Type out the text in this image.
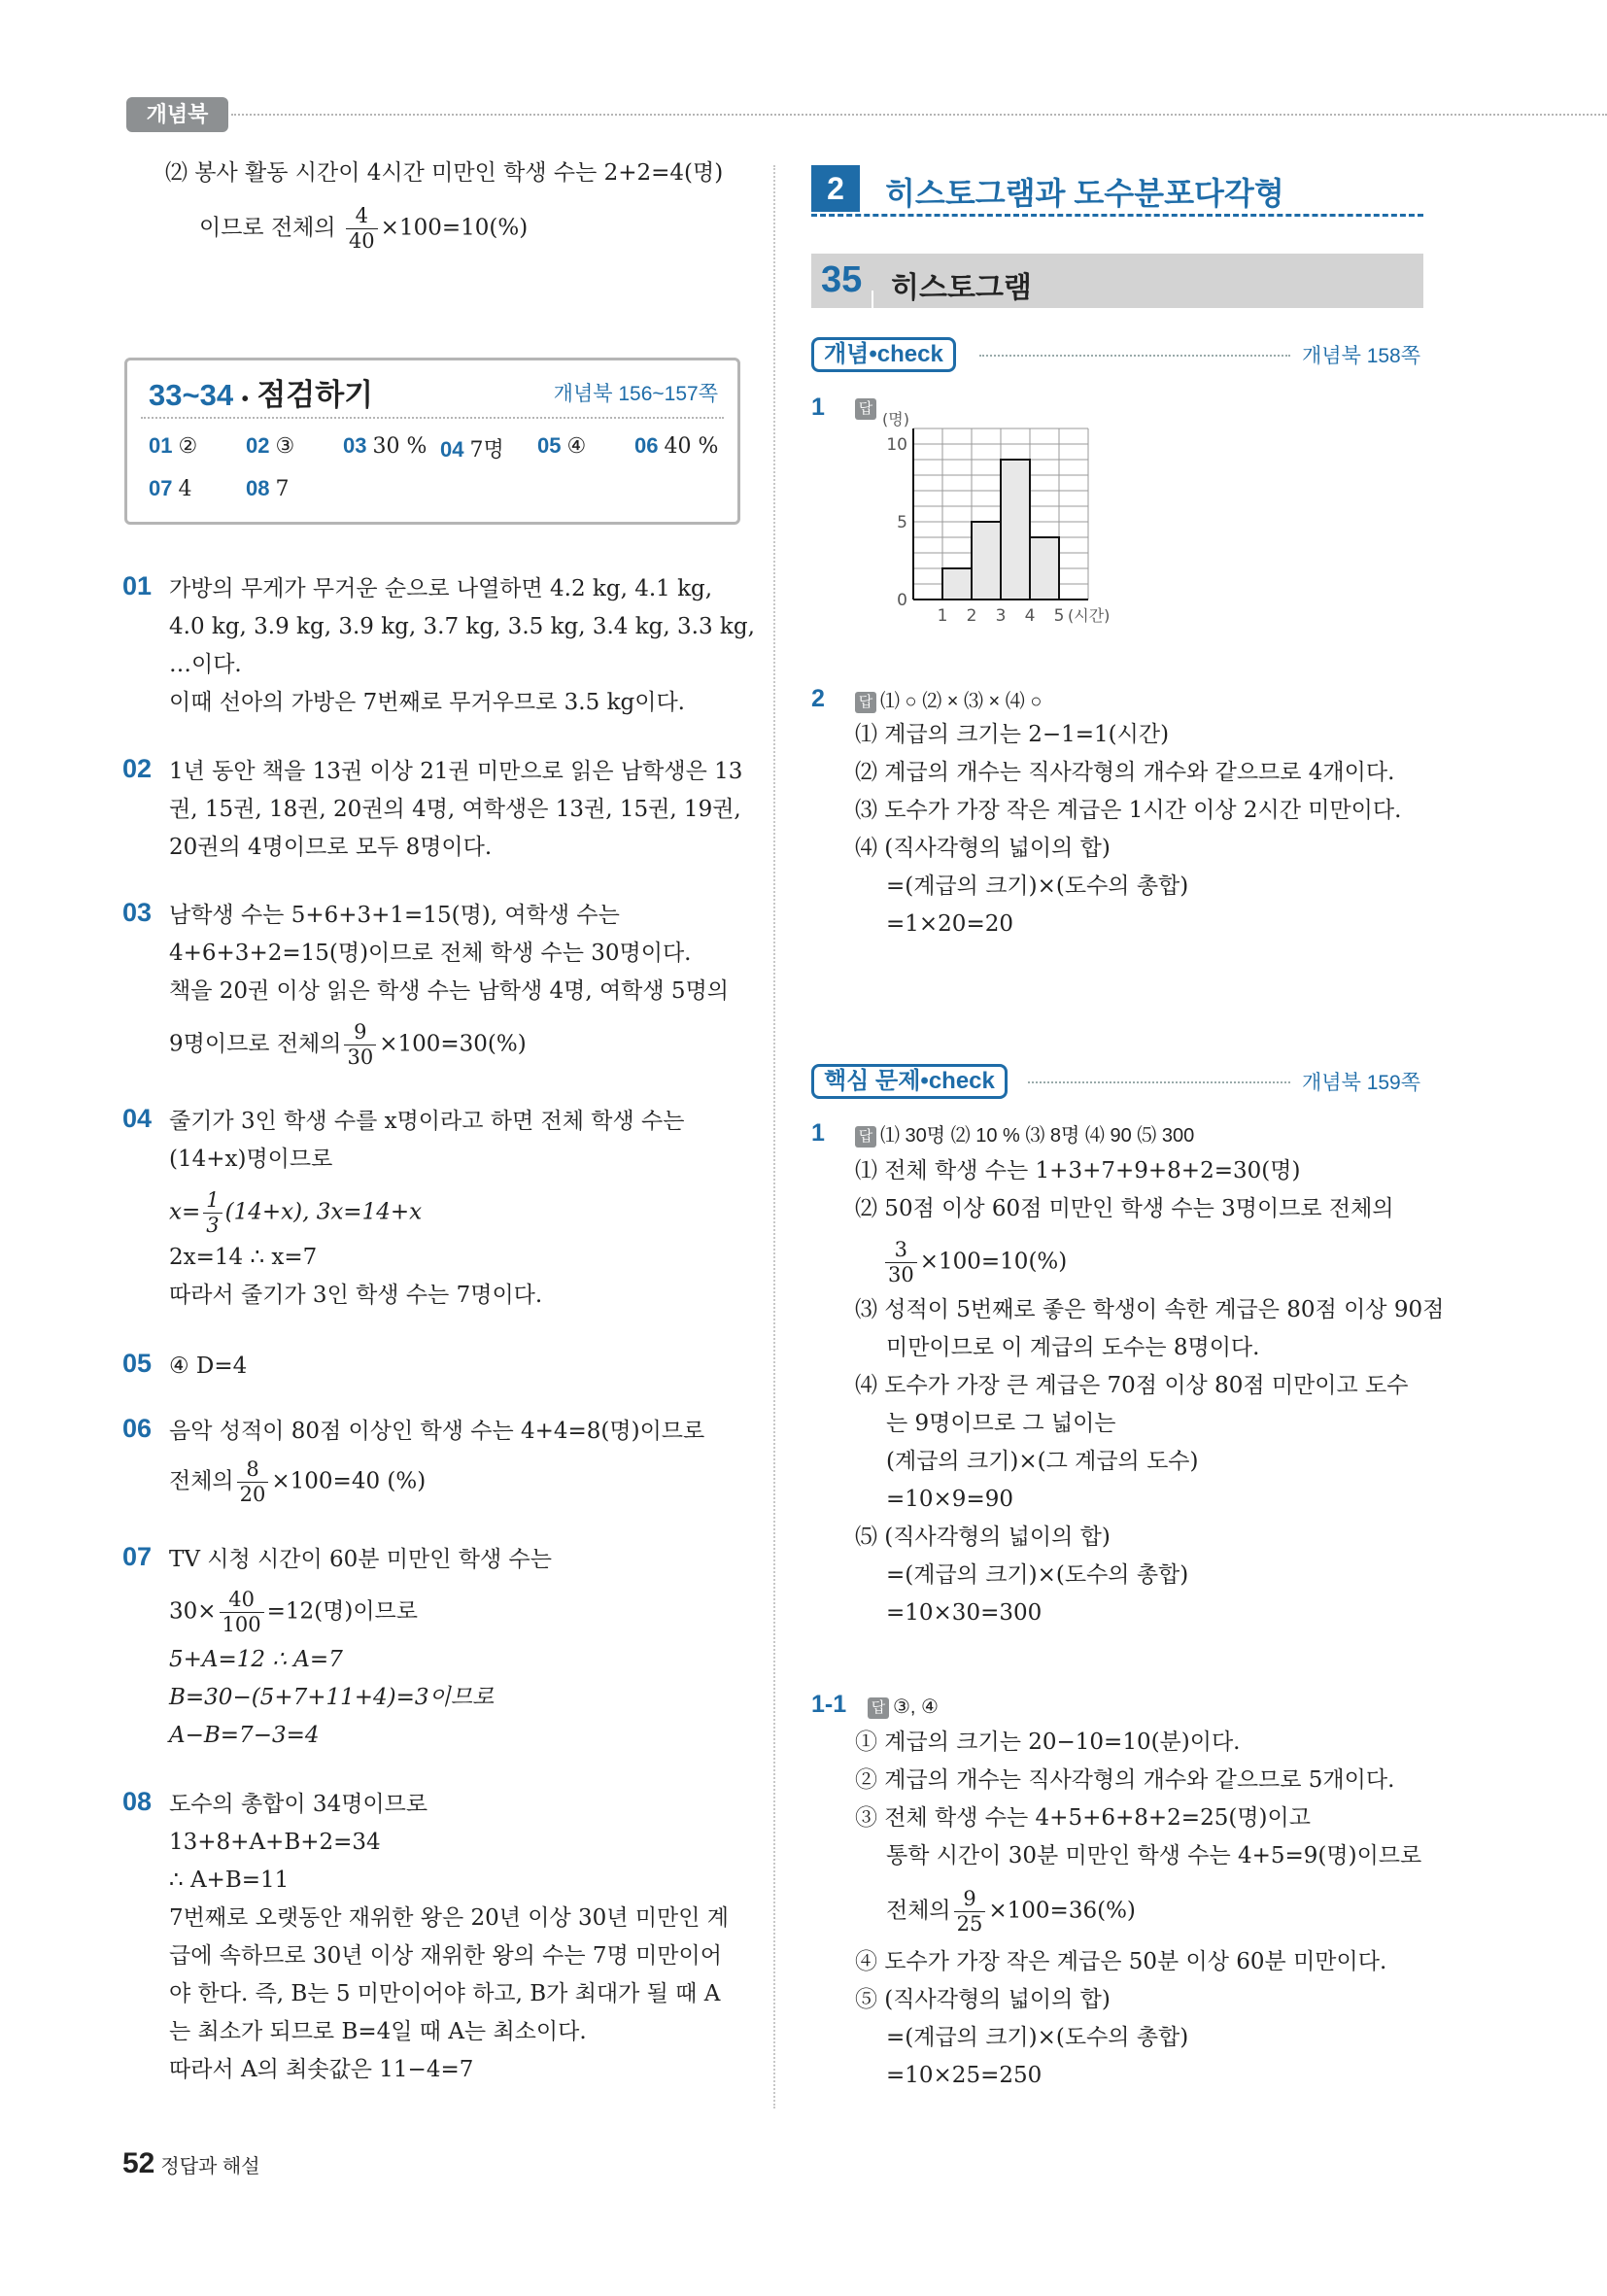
개념북
⑵ 봉사 활동 시간이 4시간 미만인 학생 수는 2+2=4(명)
이므로 전체의 $\frac{4}{40} \times 100=10(\%)$
33~34 • 점검하기	개념북 156~157쪽
01 ② 02 ③ 03 30 % 04 7명 05 ④ 06 40 %
07 4	08 7
01 가방의 무게가 무거운 순으로 나열하면 4.2 kg, 4.1 kg,
4.0 kg, 3.9 kg, 3.9 kg, 3.7 kg, 3.5 kg, 3.4 kg, 3.3 kg,
…이다.
이때 선아의 가방은 7번째로 무거우므로 3.5 kg이다.
02 1년 동안 책을 13권 이상 21권 미만으로 읽은 남학생은 13
권, 15권, 18권, 20권의 4명, 여학생은 13권, 15권, 19권,
20권의 4명이므로 모두 8명이다.
03 남학생 수는 5+6+3+1=15(명), 여학생 수는
4+6+3+2=15(명)이므로 전체 학생 수는 30명이다.
책을 20권 이상 읽은 학생 수는 남학생 4명, 여학생 5명의
9명이므로 전체의 $\frac{9}{30} \times 100=30(\%)$
04 줄기가 3인 학생 수를 x명이라고 하면 전체 학생 수는
(14+x)명이므로
$x= \frac{1}{3} (14+x)$, 3x=14+x
2x=14 ∴ x=7
따라서 줄기가 3인 학생 수는 7명이다.
05 ④ D=4
06 음악 성적이 80점 이상인 학생 수는 4+4=8(명)이므로
전체의 $\frac{8}{20} \times 100=40$ (%)
07 TV 시청 시간이 60분 미만인 학생 수는
$30\times \frac{40}{100} =12$(명)이므로
5+A=12 ∴ A=7
B=30−(5+7+11+4)=3이므로
A−B=7−3=4
08 도수의 총합이 34명이므로
13+8+A+B+2=34
∴ A+B=11
7번째로 오랫동안 재위한 왕은 20년 이상 30년 미만인 계
급에 속하므로 30년 이상 재위한 왕의 수는 7명 미만이어
야 한다. 즉, B는 5 미만이어야 하고, B가 최대가 될 때 A
는 최소가 되므로 B=4일 때 A는 최소이다.
따라서 A의 최솟값은 11−4=7
2	히스토그램과 도수분포다각형
35 히스토그램
개념•check	개념북 158쪽
1 답
0
5
10
1 2 3 4 5 (시간)
(명)
2 답 ⑴ ○ ⑵ × ⑶ × ⑷ ○
⑴ 계급의 크기는 2−1=1(시간)
⑵ 계급의 개수는 직사각형의 개수와 같으므로 4개이다.
⑶ 도수가 가장 작은 계급은 1시간 이상 2시간 미만이다.
⑷ (직사각형의 넓이의 합)
=(계급의 크기)×(도수의 총합)
=1×20=20
핵심 문제•check	개념북 159쪽
1 답 ⑴ 30명 ⑵ 10 % ⑶ 8명 ⑷ 90 ⑸ 300
⑴ 전체 학생 수는 1+3+7+9+8+2=30(명)
⑵ 50점 이상 60점 미만인 학생 수는 3명이므로 전체의
$\frac{3}{30} \times 100=10(\%)$
⑶ 성적이 5번째로 좋은 학생이 속한 계급은 80점 이상 90점
미만이므로 이 계급의 도수는 8명이다.
⑷ 도수가 가장 큰 계급은 70점 이상 80점 미만이고 도수
는 9명이므로 그 넓이는
(계급의 크기)×(그 계급의 도수)
=10×9=90
⑸ (직사각형의 넓이의 합)
=(계급의 크기)×(도수의 총합)
=10×30=300
1-1 답 ③, ④
① 계급의 크기는 20−10=10(분)이다.
② 계급의 개수는 직사각형의 개수와 같으므로 5개이다.
③ 전체 학생 수는 4+5+6+8+2=25(명)이고
통학 시간이 30분 미만인 학생 수는 4+5=9(명)이므로
전체의 $\frac{9}{25} \times 100=36(\%)$
④ 도수가 가장 작은 계급은 50분 이상 60분 미만이다.
⑤ (직사각형의 넓이의 합)
=(계급의 크기)×(도수의 총합)
=10×25=250
52 정답과 해설
